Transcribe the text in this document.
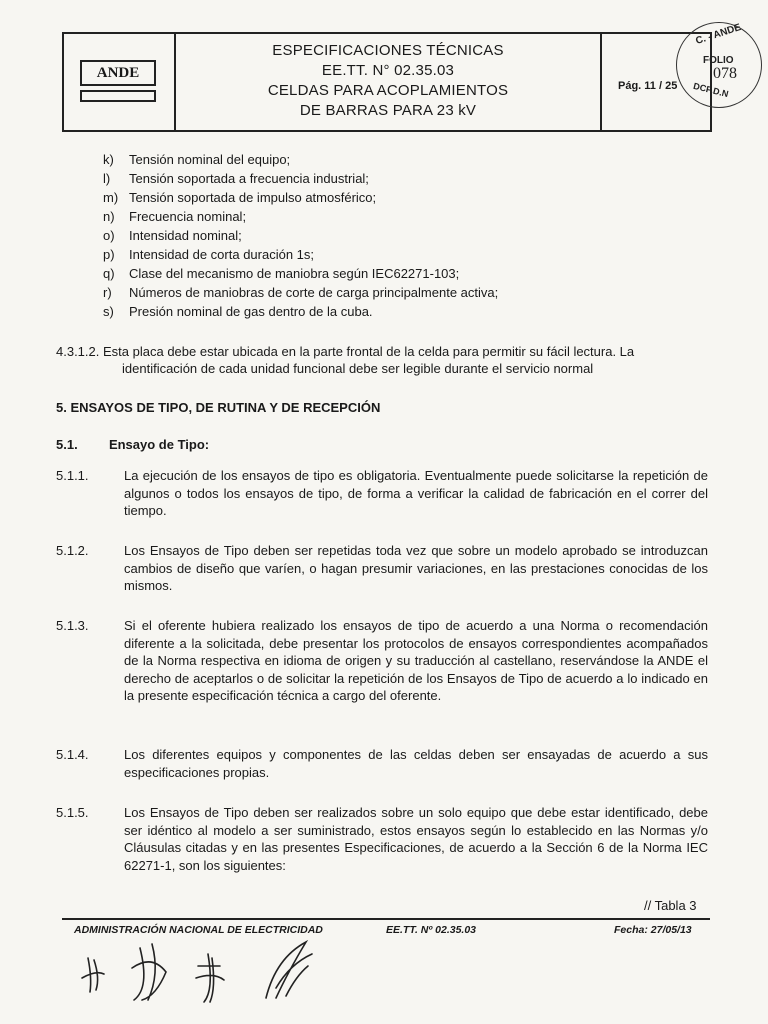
ANDE
ESPECIFICACIONES TÉCNICAS
EE.TT. N° 02.35.03
CELDAS PARA ACOPLAMIENTOS
DE BARRAS PARA 23 kV
Pág. 11 / 25
C. - ANDE
FOLIO
078
DCP.D.N
k) Tensión nominal del equipo;
l) Tensión soportada a frecuencia industrial;
m) Tensión soportada de impulso atmosférico;
n) Frecuencia nominal;
o) Intensidad nominal;
p) Intensidad de corta duración 1s;
q) Clase del mecanismo de maniobra según IEC62271-103;
r) Números de maniobras de corte de carga principalmente activa;
s) Presión nominal de gas dentro de la cuba.
4.3.1.2. Esta placa debe estar ubicada en la parte frontal de la celda para permitir su fácil lectura. La
identificación de cada unidad funcional debe ser legible durante el servicio normal
5. ENSAYOS DE TIPO, DE RUTINA Y DE RECEPCIÓN
5.1. Ensayo de Tipo:
5.1.1.	La ejecución de los ensayos de tipo es obligatoria. Eventualmente puede solicitarse la repetición de algunos o todos los ensayos de tipo, de forma a verificar la calidad de fabricación en el correr del tiempo.
5.1.2.	Los Ensayos de Tipo deben ser repetidas toda vez que sobre un modelo aprobado se introduzcan cambios de diseño que varíen, o hagan presumir variaciones, en las prestaciones conocidas de los mismos.
5.1.3.	Si el oferente hubiera realizado los ensayos de tipo de acuerdo a una Norma o recomendación diferente a la solicitada, debe presentar los protocolos de ensayos correspondientes acompañados de la Norma respectiva en idioma de origen y su traducción al castellano, reservándose la ANDE el derecho de aceptarlos o de solicitar la repetición de los Ensayos de Tipo de acuerdo a lo indicado en la presente especificación técnica a cargo del oferente.
5.1.4.	Los diferentes equipos y componentes de las celdas deben ser ensayadas de acuerdo a sus especificaciones propias.
5.1.5.	Los Ensayos de Tipo deben ser realizados sobre un solo equipo que debe estar identificado, debe ser idéntico al modelo a ser suministrado, estos ensayos según lo establecido en las Normas y/o Cláusulas citadas y en las presentes Especificaciones, de acuerdo a la Sección 6 de la Norma IEC 62271-1, son los siguientes:
// Tabla 3
ADMINISTRACIÓN NACIONAL DE ELECTRICIDAD	EE.TT. Nº 02.35.03	Fecha: 27/05/13
